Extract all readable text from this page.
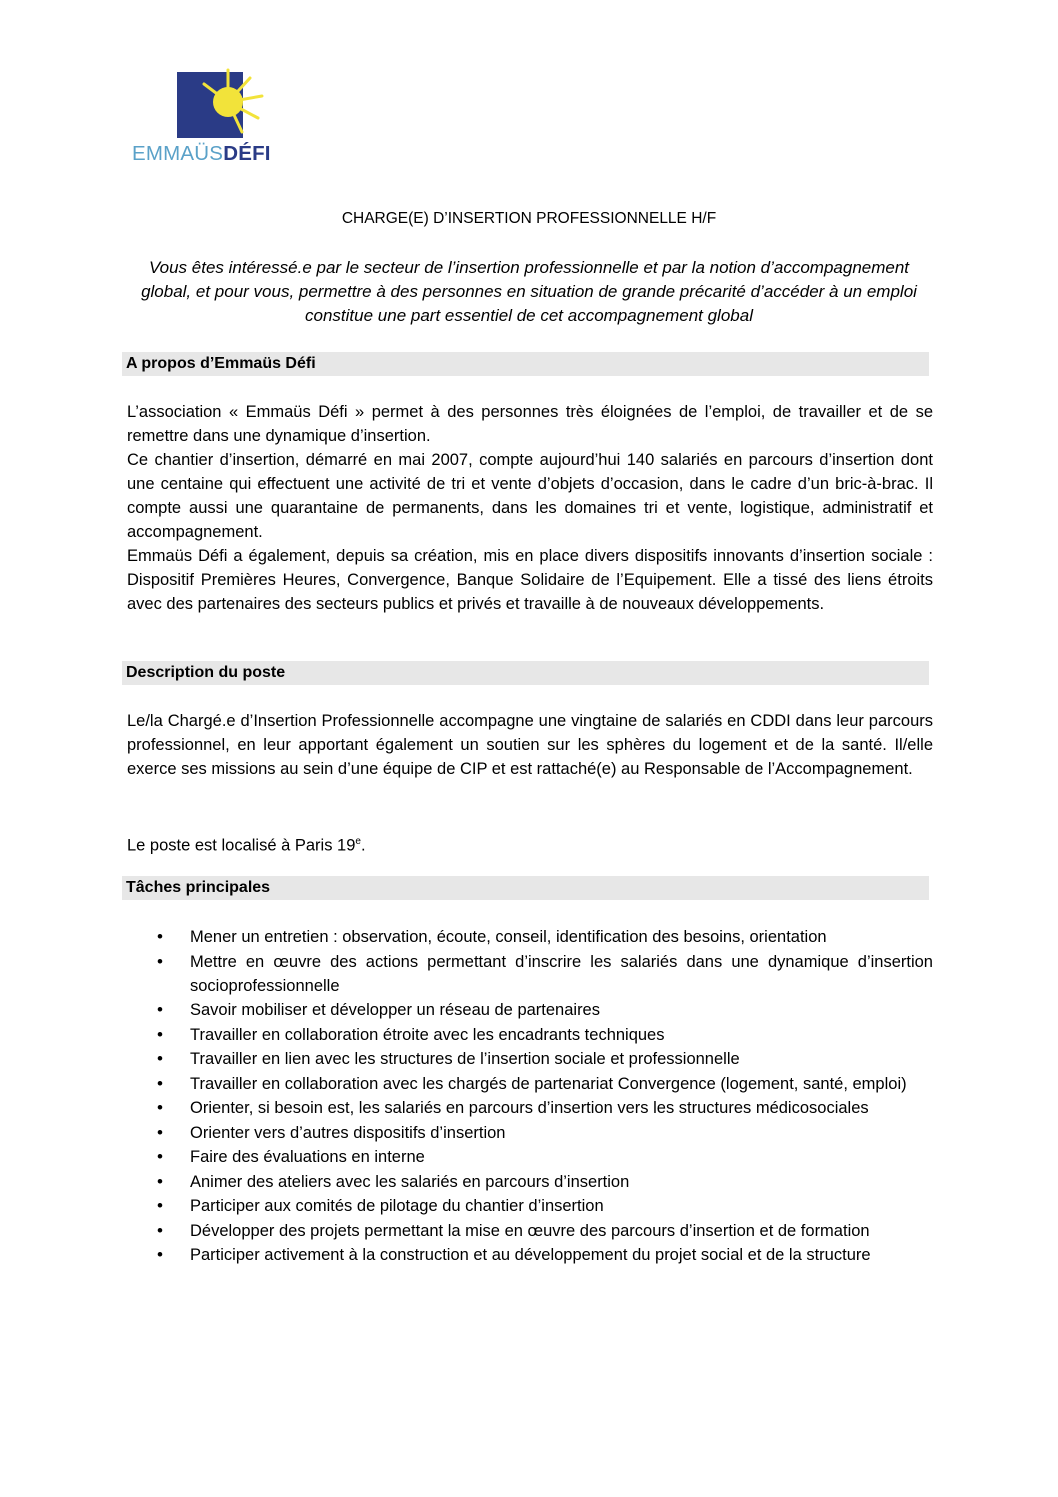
EMMAÜSDÉFI
CHARGE(E) D’INSERTION PROFESSIONNELLE H/F
Vous êtes intéressé.e par le secteur de l’insertion professionnelle et par la notion d’accompagnement global, et pour vous, permettre à des personnes en situation de grande précarité d’accéder à un emploi constitue une part essentiel de cet accompagnement global
A propos d’Emmaüs Défi

L’association « Emmaüs Défi » permet à des personnes très éloignées de l’emploi, de travailler et de se remettre dans une dynamique d’insertion.

Ce chantier d’insertion, démarré en mai 2007, compte aujourd’hui 140 salariés en parcours d’insertion dont une centaine qui effectuent une activité de tri et vente d’objets d’occasion, dans le cadre d’un bric-à-brac. Il compte aussi une quarantaine de permanents, dans les domaines tri et vente, logistique, administratif et accompagnement.

Emmaüs Défi a également, depuis sa création, mis en place divers dispositifs innovants d’insertion sociale : Dispositif Premières Heures, Convergence, Banque Solidaire de l’Equipement. Elle a tissé des liens étroits avec des partenaires des secteurs publics et privés et travaille à de nouveaux développements.

Description du poste

Le/la Chargé.e d’Insertion Professionnelle accompagne une vingtaine de salariés en CDDI dans leur parcours professionnel, en leur apportant également un soutien sur les sphères du logement et de la santé. Il/elle exerce ses missions au sein d’une équipe de CIP et est rattaché(e) au Responsable de l’Accompagnement.

Le poste est localisé à Paris 19e.

Tâches principales
• Mener un entretien : observation, écoute, conseil, identification des besoins, orientation
• Mettre en œuvre des actions permettant d’inscrire les salariés dans une dynamique d’insertion socioprofessionnelle
• Savoir mobiliser et développer un réseau de partenaires
• Travailler en collaboration étroite avec les encadrants techniques
• Travailler en lien avec les structures de l’insertion sociale et professionnelle
• Travailler en collaboration avec les chargés de partenariat Convergence (logement, santé, emploi)
• Orienter, si besoin est, les salariés en parcours d’insertion vers les structures médicosociales
• Orienter vers d’autres dispositifs d’insertion
• Faire des évaluations en interne
• Animer des ateliers avec les salariés en parcours d’insertion
• Participer aux comités de pilotage du chantier d’insertion
• Développer des projets permettant la mise en œuvre des parcours d’insertion et de formation
• Participer activement à la construction et au développement du projet social et de la structure
